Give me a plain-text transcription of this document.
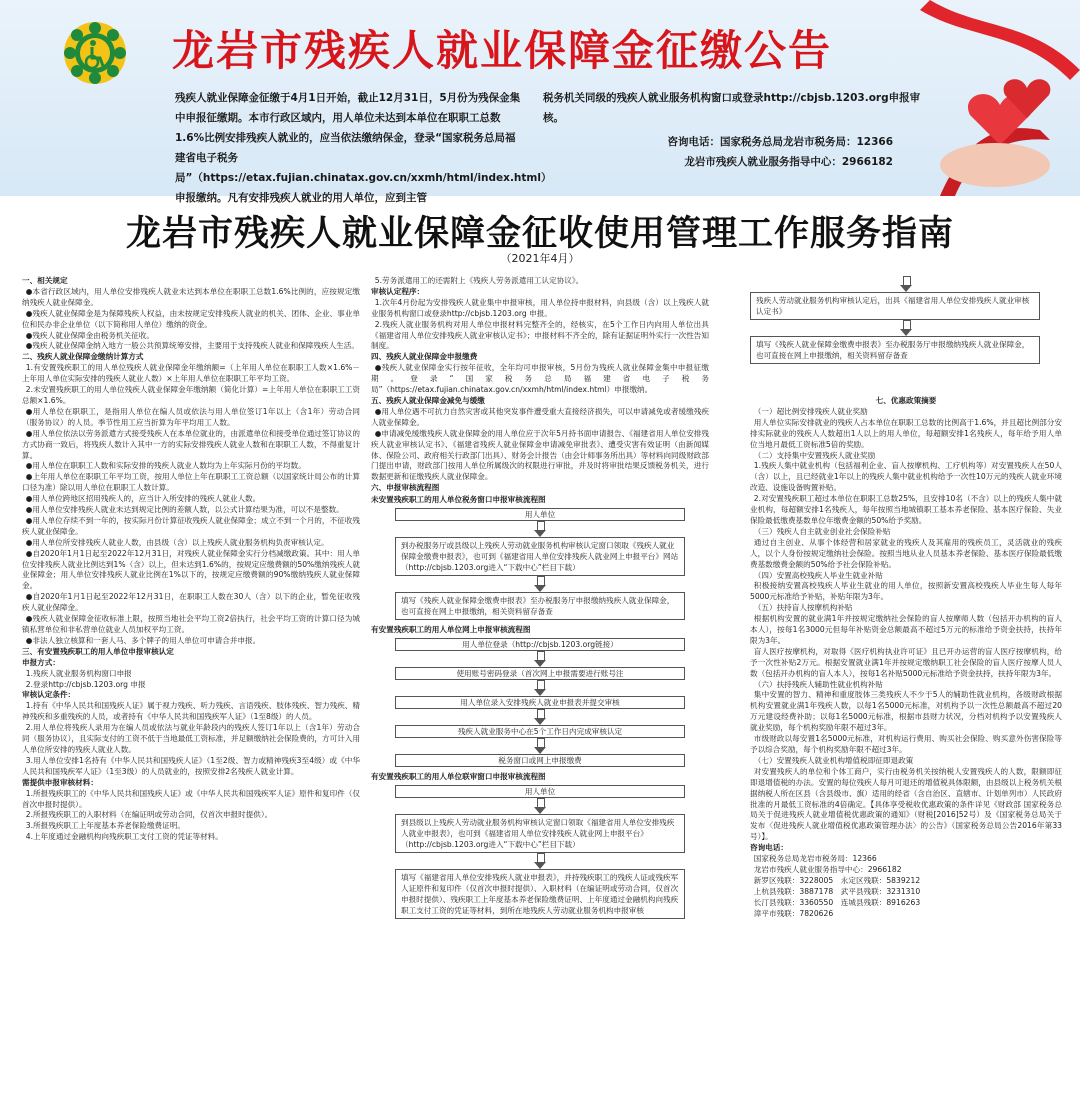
龙岩市残疾人就业保障金征缴公告
残疾人就业保障金征缴于4月1日开始，截止12月31日，5月份为残保金集中申报征缴期。本市行政区域内，用人单位未达到本单位在职职工总数1.6%比例安排残疾人就业的，应当依法缴纳保金，登录“国家税务总局福建省电子税务局”（https://etax.fujian.chinatax.gov.cn/xxmh/html/index.html）申报缴纳。凡有安排残疾人就业的用人单位，应到主管
税务机关同级的残疾人就业服务机构窗口或登录http://cbjsb.1203.org申报审核。
咨询电话：国家税务总局龙岩市税务局：12366
龙岩市残疾人就业服务指导中心：2966182
龙岩市残疾人就业保障金征收使用管理工作服务指南
（2021年4月）

一、相关规定

●本省行政区域内，用人单位安排残疾人就业未达到本单位在职职工总数1.6%比例的，应按规定缴纳残疾人就业保障金。

●残疾人就业保障金是为保障残疾人权益，由未按规定安排残疾人就业的机关、团体、企业、事业单位和民办非企业单位（以下简称用人单位）缴纳的资金。

●残疾人就业保障金由税务机关征收。

●残疾人就业保障金纳入地方一般公共预算统筹安排，主要用于支持残疾人就业和保障残疾人生活。

二、残疾人就业保障金缴纳计算方式

1.有安置残疾职工的用人单位残疾人就业保障金年缴纳额=（上年用人单位在职职工人数×1.6%－上年用人单位实际安排的残疾人就业人数）×上年用人单位在职职工年平均工资。

2.未安置残疾职工的用人单位残疾人就业保障金年缴纳额（简化计算）=上年用人单位在职职工工资总额×1.6%。

●用人单位在职职工，是指用人单位在编人员或依法与用人单位签订1年以上（含1年）劳动合同（服务协议）的人员。季节性用工应当折算为年平均用工人数。

●用人单位依法以劳务派遣方式接受残疾人在本单位就业的，由派遣单位和接受单位通过签订协议的方式协商一致后，将残疾人数计入其中一方的实际安排残疾人就业人数和在职职工人数，不得重复计算。

●用人单位在职职工人数和实际安排的残疾人就业人数均为上年实际月份的平均数。

●上年用人单位在职职工年平均工资，按用人单位上年在职职工工资总额（以国家统计局公布的计算口径为准）除以用人单位在职职工人数计算。

●用人单位跨地区招用残疾人的，应当计入所安排的残疾人就业人数。

●用人单位安排残疾人就业未达到规定比例的差额人数，以公式计算结果为准，可以不是整数。

●用人单位存续不到一年的，按实际月份计算征收残疾人就业保障金；成立不到一个月的，不征收残疾人就业保障金。

●用人单位所安排残疾人就业人数，由县级（含）以上残疾人就业服务机构负责审核认定。

●自2020年1月1日起至2022年12月31日，对残疾人就业保障金实行分档减缴政策。其中：用人单位安排残疾人就业比例达到1%（含）以上，但未达到1.6%的，按规定应缴费额的50%缴纳残疾人就业保障金；用人单位安排残疾人就业比例在1%以下的，按规定应缴费额的90%缴纳残疾人就业保障金。

●自2020年1月1日起至2022年12月31日，在职职工人数在30人（含）以下的企业，暂免征收残疾人就业保障金。

●残疾人就业保障金征收标准上限，按照当地社会平均工资2倍执行，社会平均工资的计算口径为城镇私营单位和非私营单位就业人员加权平均工资。

●非法人独立核算和一套人马、多个牌子的用人单位可申请合并申报。

三、有安置残疾职工的用人单位申报审核认定

申报方式：

1.残疾人就业服务机构窗口申报

2.登录http://cbjsb.1203.org 申报

审核认定条件：

1.持有《中华人民共和国残疾人证》属于视力残疾、听力残疾、言语残疾、肢体残疾、智力残疾、精神残疾和多重残疾的人员，或者持有《中华人民共和国残疾军人证》（1至8级）的人员。

2.用人单位将残疾人录用为在编人员或依法与就业年龄段内的残疾人签订1年以上（含1年）劳动合同（服务协议），且实际支付的工资不低于当地最低工资标准，并足额缴纳社会保险费的，方可计入用人单位所安排的残疾人就业人数。

3.用人单位安排1名持有《中华人民共和国残疾人证》（1至2级、智力或精神残疾3至4级）或《中华人民共和国残疾军人证》（1至3级）的人员就业的，按照安排2名残疾人就业计算。

需提供申报审核材料：

1.所报残疾职工的《中华人民共和国残疾人证》或《中华人民共和国残疾军人证》原件和复印件（仅首次申报时提供）。

2.所报残疾职工的入职材料（在编证明或劳动合同，仅首次申报时提供）。

3.所报残疾职工上年度基本养老保险缴费证明。

4.上年度通过金融机构向残疾职工支付工资的凭证等材料。

5.劳务派遣用工的还需附上《残疾人劳务派遣用工认定协议》。

审核认定程序：

1.次年4月份起为安排残疾人就业集中申报审核，用人单位持申报材料，向县级（含）以上残疾人就业服务机构窗口或登录http://cbjsb.1203.org 申报。

2.残疾人就业服务机构对用人单位申报材料完整齐全的，经核实，在5个工作日内向用人单位出具《福建省用人单位安排残疾人就业审核认定书》；申报材料不齐全的，除有证据证明外实行一次性告知制度。

四、残疾人就业保障金申报缴费

●残疾人就业保障金实行按年征收，全年均可申报审核，5月份为残疾人就业保障金集中申报征缴期。登录“国家税务总局福建省电子税务局”（https://etax.fujian.chinatax.gov.cn/xxmh/html/index.html）申报缴纳。

五、残疾人就业保障金减免与缓缴

●用人单位遇不可抗力自然灾害或其他突发事件遭受重大直接经济损失，可以申请减免或者缓缴残疾人就业保障金。

●申请减免缓缴残疾人就业保障金的用人单位应于次年5月持书面申请报告、《福建省用人单位安排残疾人就业审核认定书》、《福建省残疾人就业保障金申请减免审批表》、遭受灾害有效证明（由新闻媒体、保险公司、政府相关行政部门出具）、财务会计报告（由会计师事务所出具）等材料向同级财政部门提出申请，财政部门按用人单位所属级次的权限进行审批，并及时将审批结果反馈税务机关，进行数据更新和征缴残疾人就业保障金。

六、申报审核流程图

未安置残疾职工的用人单位税务窗口申报审核流程图
用人单位
到办税服务厅或县级以上残疾人劳动就业服务机构审核认定窗口领取《残疾人就业保障金缴费申报表》，也可到《福建省用人单位安排残疾人就业网上申报平台》网站（http://cbjsb.1203.org进入“下载中心”栏目下载）
填写《残疾人就业保障金缴费申报表》至办税服务厅申报缴纳残疾人就业保障金，也可直接在网上申报缴纳，相关资料留存备查
有安置残疾职工的用人单位网上申报审核流程图
用人单位登录（http://cbjsb.1203.org链接）
使用账号密码登录（首次网上申报需要进行账号注
用人单位录入安排残疾人就业申报表并提交审核
残疾人就业服务中心在5个工作日内完成审核认定
税务窗口或网上申报缴费
有安置残疾职工的用人单位联审窗口申报审核流程图
用人单位
到县级以上残疾人劳动就业服务机构审核认定窗口领取《福建省用人单位安排残疾人就业申报表》，也可到《福建省用人单位安排残疾人就业网上申报平台》（http://cbjsb.1203.org进入“下载中心”栏目下载）
填写《福建省用人单位安排残疾人就业申报表》，并持残疾职工的残疾人证或残疾军人证原件和复印件（仅首次申报时提供）、入职材料（在编证明或劳动合同，仅首次申报时提供）、残疾职工上年度基本养老保险缴费证明、上年度通过金融机构向残疾职工支付工资的凭证等材料，到所在地残疾人劳动就业服务机构申报审核
残疾人劳动就业服务机构审核认定后，出具《福建省用人单位安排残疾人就业审核认定书》
填写《残疾人就业保障金缴费申报表》至办税服务厅申报缴纳残疾人就业保障金，也可直接在网上申报缴纳，相关资料留存备查

七、优惠政策摘要

（一）超比例安排残疾人就业奖励

用人单位实际安排就业的残疾人占本单位在职职工总数的比例高于1.6%，并且超比例部分安排实际就业的残疾人人数超出1人以上的用人单位，每超额安排1名残疾人，每年给予用人单位当地月最低工资标准5倍的奖励。

（二）支持集中安置残疾人就业奖励

1.残疾人集中就业机构（包括福利企业、盲人按摩机构、工疗机构等）对安置残疾人在50人（含）以上，且已经就业1年以上的残疾人集中就业机构给予一次性10万元的残疾人就业环境改造、设施设备购置补贴。

2.对安置残疾职工超过本单位在职职工总数25%，且安排10名（不含）以上的残疾人集中就业机构，每超额安排1名残疾人，每年按照当地城镇职工基本养老保险、基本医疗保险、失业保险最低缴费基数单位年缴费金额的50%给予奖励。

（三）残疾人自主就业创业社会保险补贴

通过自主创业、从事个体经营和居家就业的残疾人及其雇用的残疾员工，灵活就业的残疾人，以个人身份按规定缴纳社会保险。按照当地从业人员基本养老保险、基本医疗保险最低缴费基数缴费金额的50%给予社会保险补贴。

（四）安置高校残疾人毕业生就业补贴

积极接纳安置高校残疾人毕业生就业的用人单位，按照新安置高校残疾人毕业生每人每年5000元标准给予补贴，补贴年限为3年。

（五）扶持盲人按摩机构补贴

根据机构安置的就业满1年并按规定缴纳社会保险的盲人按摩师人数（包括开办机构的盲人本人），按每1名3000元但每年补贴资金总额最高不超过5万元的标准给予资金扶持，扶持年限为3年。

盲人医疗按摩机构，对取得《医疗机构执业许可证》且已开办运营的盲人医疗按摩机构，给予一次性补贴2万元。根据安置就业满1年并按规定缴纳职工社会保险的盲人医疗按摩人员人数（包括开办机构的盲人本人），按每1名补贴5000元标准给予资金扶持，扶持年限为3年。

（六）扶持残疾人辅助性就业机构补贴

集中安置的智力、精神和重度肢体三类残疾人不少于5人的辅助性就业机构，各级财政根据机构安置就业满1年残疾人数，以每1名5000元标准，对机构予以一次性总额最高不超过20万元建设经费补助；以每1名5000元标准，根据市县财力状况，分档对机构予以安置残疾人就业奖励，每个机构奖励年限不超过3年。

市级财政以每安置1名5000元标准，对机构运行费用、购买社会保险、购买意外伤害保险等予以综合奖励，每个机构奖励年限不超过3年。

（七）安置残疾人就业机构增值税即征即退政策

对安置残疾人的单位和个体工商户，实行由税务机关按纳税人安置残疾人的人数，限额即征即退增值税的办法。安置的每位残疾人每月可退还的增值税具体限额，由县级以上税务机关根据纳税人所在区县（含县级市、旗）适用的经省（含自治区、直辖市、计划单列市）人民政府批准的月最低工资标准的4倍确定。【具体享受税收优惠政策的条件详见《财政部 国家税务总局关于促进残疾人就业增值税优惠政策的通知》（财税[2016]52号）及《国家税务总局关于发布〈促进残疾人就业增值税优惠政策管理办法〉的公告》（国家税务总局公告2016年第33号）】。

咨询电话：

国家税务总局龙岩市税务局：12366

龙岩市残疾人就业服务指导中心：2966182

新罗区残联：3228005　永定区残联：5839212

上杭县残联：3887178　武平县残联：3231310

长汀县残联：3360550　连城县残联：8916263

漳平市残联：7820626
